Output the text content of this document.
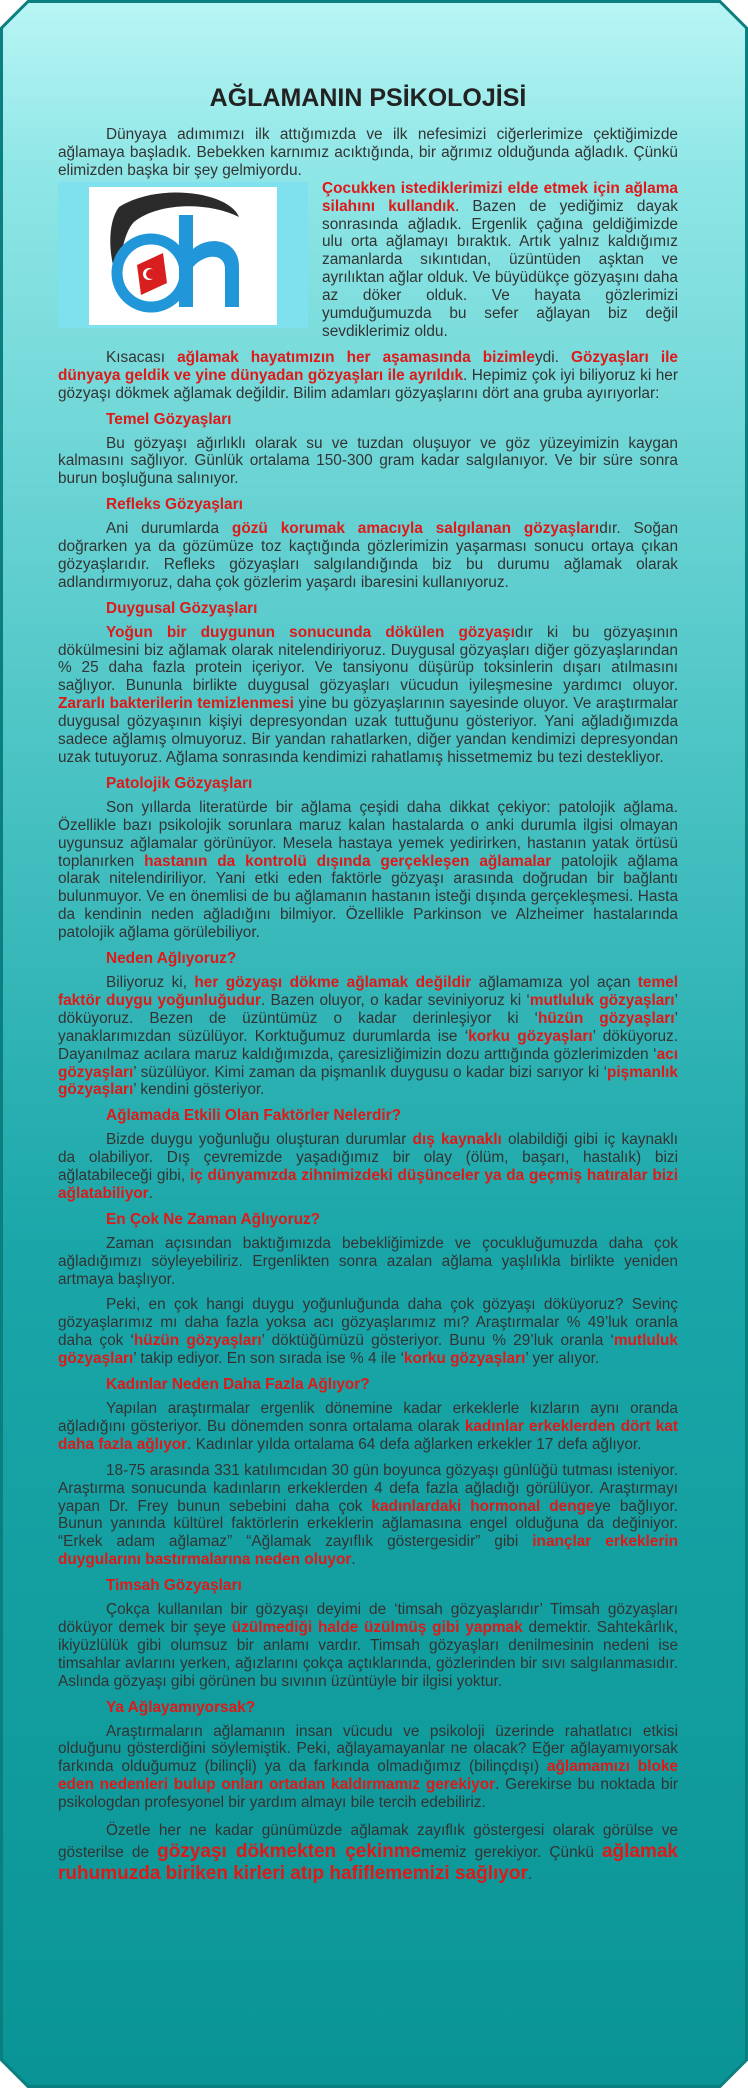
AĞLAMANIN PSİKOLOJİSİ

Dünyaya adımımızı ilk attığımızda ve ilk nefesimizi ciğerlerimize çektiğimizde ağlamaya başladık. Bebekken karnımız acıktığında, bir ağrımız olduğunda ağladık. Çünkü elimizden başka bir şey gelmiyordu.

Çocukken istediklerimizi elde etmek için ağlama silahını kullandık. Bazen de yediğimiz dayak sonrasında ağladık. Ergenlik çağına geldiğimizde ulu orta ağlamayı bıraktık. Artık yalnız kaldığımız zamanlarda sıkıntıdan, üzüntüden aşktan ve ayrılıktan ağlar olduk. Ve büyüdükçe gözyaşını daha az döker olduk. Ve hayata gözlerimizi yumduğumuzda bu sefer ağlayan biz değil sevdiklerimiz oldu.

Kısacası ağlamak hayatımızın her aşamasında bizimleydi. Gözyaşları ile dünyaya geldik ve yine dünyadan gözyaşları ile ayrıldık. Hepimiz çok iyi biliyoruz ki her gözyaşı dökmek ağlamak değildir. Bilim adamları gözyaşlarını dört ana gruba ayırıyorlar:

Temel Gözyaşları

Bu gözyaşı ağırlıklı olarak su ve tuzdan oluşuyor ve göz yüzeyimizin kaygan kalmasını sağlıyor. Günlük ortalama 150-300 gram kadar salgılanıyor. Ve bir süre sonra burun boşluğuna salınıyor.

Refleks Gözyaşları

Ani durumlarda gözü korumak amacıyla salgılanan gözyaşlarıdır. Soğan doğrarken ya da gözümüze toz kaçtığında gözlerimizin yaşarması sonucu ortaya çıkan gözyaşlarıdır. Refleks gözyaşları salgılandığında biz bu durumu ağlamak olarak adlandırmıyoruz, daha çok gözlerim yaşardı ibaresini kullanıyoruz.

Duygusal Gözyaşları

Yoğun bir duygunun sonucunda dökülen gözyaşıdır ki bu gözyaşının dökülmesini biz ağlamak olarak nitelendiriyoruz. Duygusal gözyaşları diğer gözyaşlarından % 25 daha fazla protein içeriyor. Ve tansiyonu düşürüp toksinlerin dışarı atılmasını sağlıyor. Bununla birlikte duygusal gözyaşları vücudun iyileşmesine yardımcı oluyor. Zararlı bakterilerin temizlenmesi yine bu gözyaşlarının sayesinde oluyor. Ve araştırmalar duygusal gözyaşının kişiyi depresyondan uzak tuttuğunu gösteriyor. Yani ağladığımızda sadece ağlamış olmuyoruz. Bir yandan rahatlarken, diğer yandan kendimizi depresyondan uzak tutuyoruz. Ağlama sonrasında kendimizi rahatlamış hissetmemiz bu tezi destekliyor.

Patolojik Gözyaşları

Son yıllarda literatürde bir ağlama çeşidi daha dikkat çekiyor: patolojik ağlama. Özellikle bazı psikolojik sorunlara maruz kalan hastalarda o anki durumla ilgisi olmayan uygunsuz ağlamalar görünüyor. Mesela hastaya yemek yedirirken, hastanın yatak örtüsü toplanırken hastanın da kontrolü dışında gerçekleşen ağlamalar patolojik ağlama olarak nitelendiriliyor. Yani etki eden faktörle gözyaşı arasında doğrudan bir bağlantı bulunmuyor. Ve en önemlisi de bu ağlamanın hastanın isteği dışında gerçekleşmesi. Hasta da kendinin neden ağladığını bilmiyor. Özellikle Parkinson ve Alzheimer hastalarında patolojik ağlama görülebiliyor.

Neden Ağlıyoruz?

Biliyoruz ki, her gözyaşı dökme ağlamak değildir ağlamamıza yol açan temel faktör duygu yoğunluğudur. Bazen oluyor, o kadar seviniyoruz ki ‘mutluluk gözyaşları’ döküyoruz. Bezen de üzüntümüz o kadar derinleşiyor ki ‘hüzün gözyaşları’ yanaklarımızdan süzülüyor. Korktuğumuz durumlarda ise ‘korku gözyaşları’ döküyoruz. Dayanılmaz acılara maruz kaldığımızda, çaresizliğimizin dozu arttığında gözlerimizden ‘acı gözyaşları’ süzülüyor. Kimi zaman da pişmanlık duygusu o kadar bizi sarıyor ki ‘pişmanlık gözyaşları’ kendini gösteriyor.

Ağlamada Etkili Olan Faktörler Nelerdir?

Bizde duygu yoğunluğu oluşturan durumlar dış kaynaklı olabildiği gibi iç kaynaklı da olabiliyor. Dış çevremizde yaşadığımız bir olay (ölüm, başarı, hastalık) bizi ağlatabileceği gibi, iç dünyamızda zihnimizdeki düşünceler ya da geçmiş hatıralar bizi ağlatabiliyor.

En Çok Ne Zaman Ağlıyoruz?

Zaman açısından baktığımızda bebekliğimizde ve çocukluğumuzda daha çok ağladığımızı söyleyebiliriz. Ergenlikten sonra azalan ağlama yaşlılıkla birlikte yeniden artmaya başlıyor.

Peki, en çok hangi duygu yoğunluğunda daha çok gözyaşı döküyoruz? Sevinç gözyaşlarımız mı daha fazla yoksa acı gözyaşlarımız mı? Araştırmalar % 49’luk oranla daha çok ‘hüzün gözyaşları’ döktüğümüzü gösteriyor. Bunu % 29’luk oranla ‘mutluluk gözyaşları’ takip ediyor. En son sırada ise % 4 ile ‘korku gözyaşları’ yer alıyor.

Kadınlar Neden Daha Fazla Ağlıyor?

Yapılan araştırmalar ergenlik dönemine kadar erkeklerle kızların aynı oranda ağladığını gösteriyor. Bu dönemden sonra ortalama olarak kadınlar erkeklerden dört kat daha fazla ağlıyor. Kadınlar yılda ortalama 64 defa ağlarken erkekler 17 defa ağlıyor.

18-75 arasında 331 katılımcıdan 30 gün boyunca gözyaşı günlüğü tutması isteniyor. Araştırma sonucunda kadınların erkeklerden 4 defa fazla ağladığı görülüyor. Araştırmayı yapan Dr. Frey bunun sebebini daha çok kadınlardaki hormonal dengeye bağlıyor. Bunun yanında kültürel faktörlerin erkeklerin ağlamasına engel olduğuna da değiniyor. “Erkek adam ağlamaz” “Ağlamak zayıflık göstergesidir” gibi inançlar erkeklerin duygularını bastırmalarına neden oluyor.

Timsah Gözyaşları

Çokça kullanılan bir gözyaşı deyimi de ‘timsah gözyaşlarıdır’ Timsah gözyaşları döküyor demek bir şeye üzülmediği halde üzülmüş gibi yapmak demektir. Sahtekârlık, ikiyüzlülük gibi olumsuz bir anlamı vardır. Timsah gözyaşları denilmesinin nedeni ise timsahlar avlarını yerken, ağızlarını çokça açtıklarında, gözlerinden bir sıvı salgılanmasıdır. Aslında gözyaşı gibi görünen bu sıvının üzüntüyle bir ilgisi yoktur.

Ya Ağlayamıyorsak?

Araştırmaların ağlamanın insan vücudu ve psikoloji üzerinde rahatlatıcı etkisi olduğunu gösterdiğini söylemiştik. Peki, ağlayamayanlar ne olacak? Eğer ağlayamıyorsak farkında olduğumuz (bilinçli) ya da farkında olmadığımız (bilinçdışı) ağlamamızı bloke eden nedenleri bulup onları ortadan kaldırmamız gerekiyor. Gerekirse bu noktada bir psikologdan profesyonel bir yardım almayı bile tercih edebiliriz.

Özetle her ne kadar günümüzde ağlamak zayıflık göstergesi olarak görülse ve gösterilse de gözyaşı dökmekten çekinmememiz gerekiyor. Çünkü ağlamak ruhumuzda biriken kirleri atıp hafiflememizi sağlıyor.
